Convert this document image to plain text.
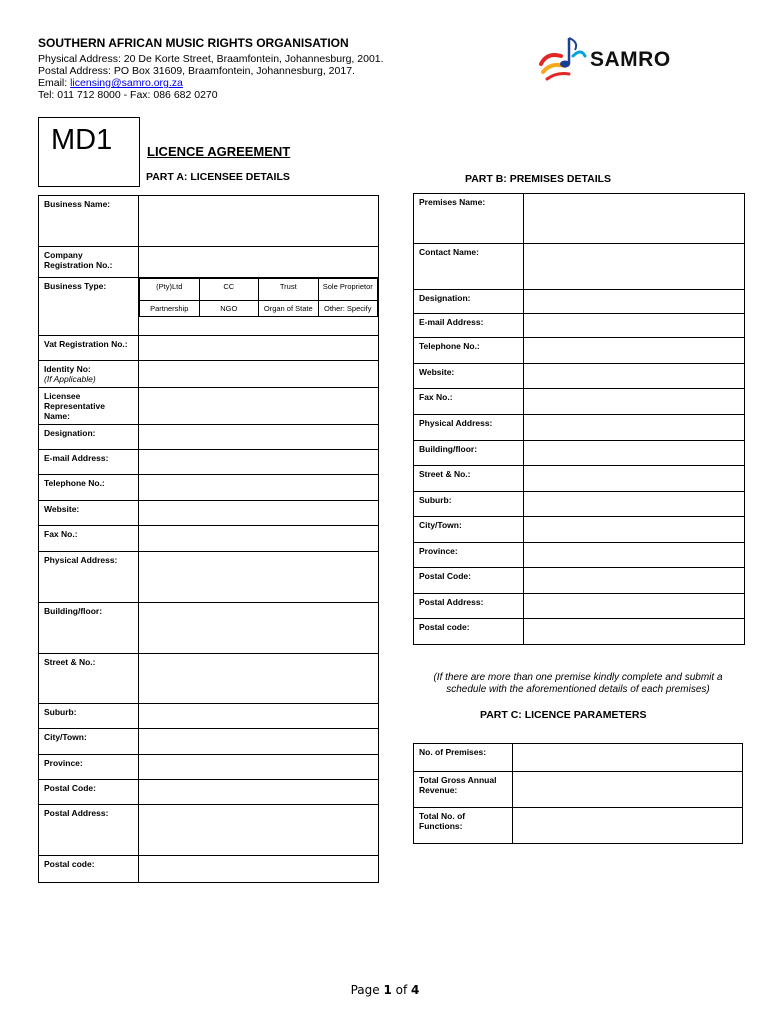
SOUTHERN AFRICAN MUSIC RIGHTS ORGANISATION
Physical Address: 20 De Korte Street, Braamfontein, Johannesburg, 2001.
Postal Address: PO Box 31609, Braamfontein, Johannesburg, 2017.
Email: licensing@samro.org.za
Tel: 011 712 8000 - Fax: 086 682 0270
SAMRO
MD1	LICENCE AGREEMENT
PART A: LICENSEE DETAILS	PART B: PREMISES DETAILS
Business Name:	
Company Registration No.:	
Business Type:		(Pty)Ltd	CC	Trust	Sole Proprietor
Partnership	NGO	Organ of State	Other: Specify

Vat Registration No.:	
Identity No:
(If Applicable)	
Licensee Representative Name:	
Designation:	
E-mail Address:	
Telephone No.:	
Website:	
Fax No.:	
Physical Address:	
Building/floor:	
Street & No.:	
Suburb:	
City/Town:	
Province:	
Postal Code:	
Postal Address:	
Postal code:	
Premises Name:	
Contact Name:	
Designation:	
E-mail Address:	
Telephone No.:	
Website:	
Fax No.:	
Physical Address:	
Building/floor:	
Street & No.:	
Suburb:	
City/Town:	
Province:	
Postal Code:	
Postal Address:	
Postal code:	
(If there are more than one premise kindly complete and submit a schedule with the aforementioned details of each premises)
PART C: LICENCE PARAMETERS
No. of Premises:	
Total Gross Annual Revenue:	
Total No. of Functions:	
Page 1 of 4
